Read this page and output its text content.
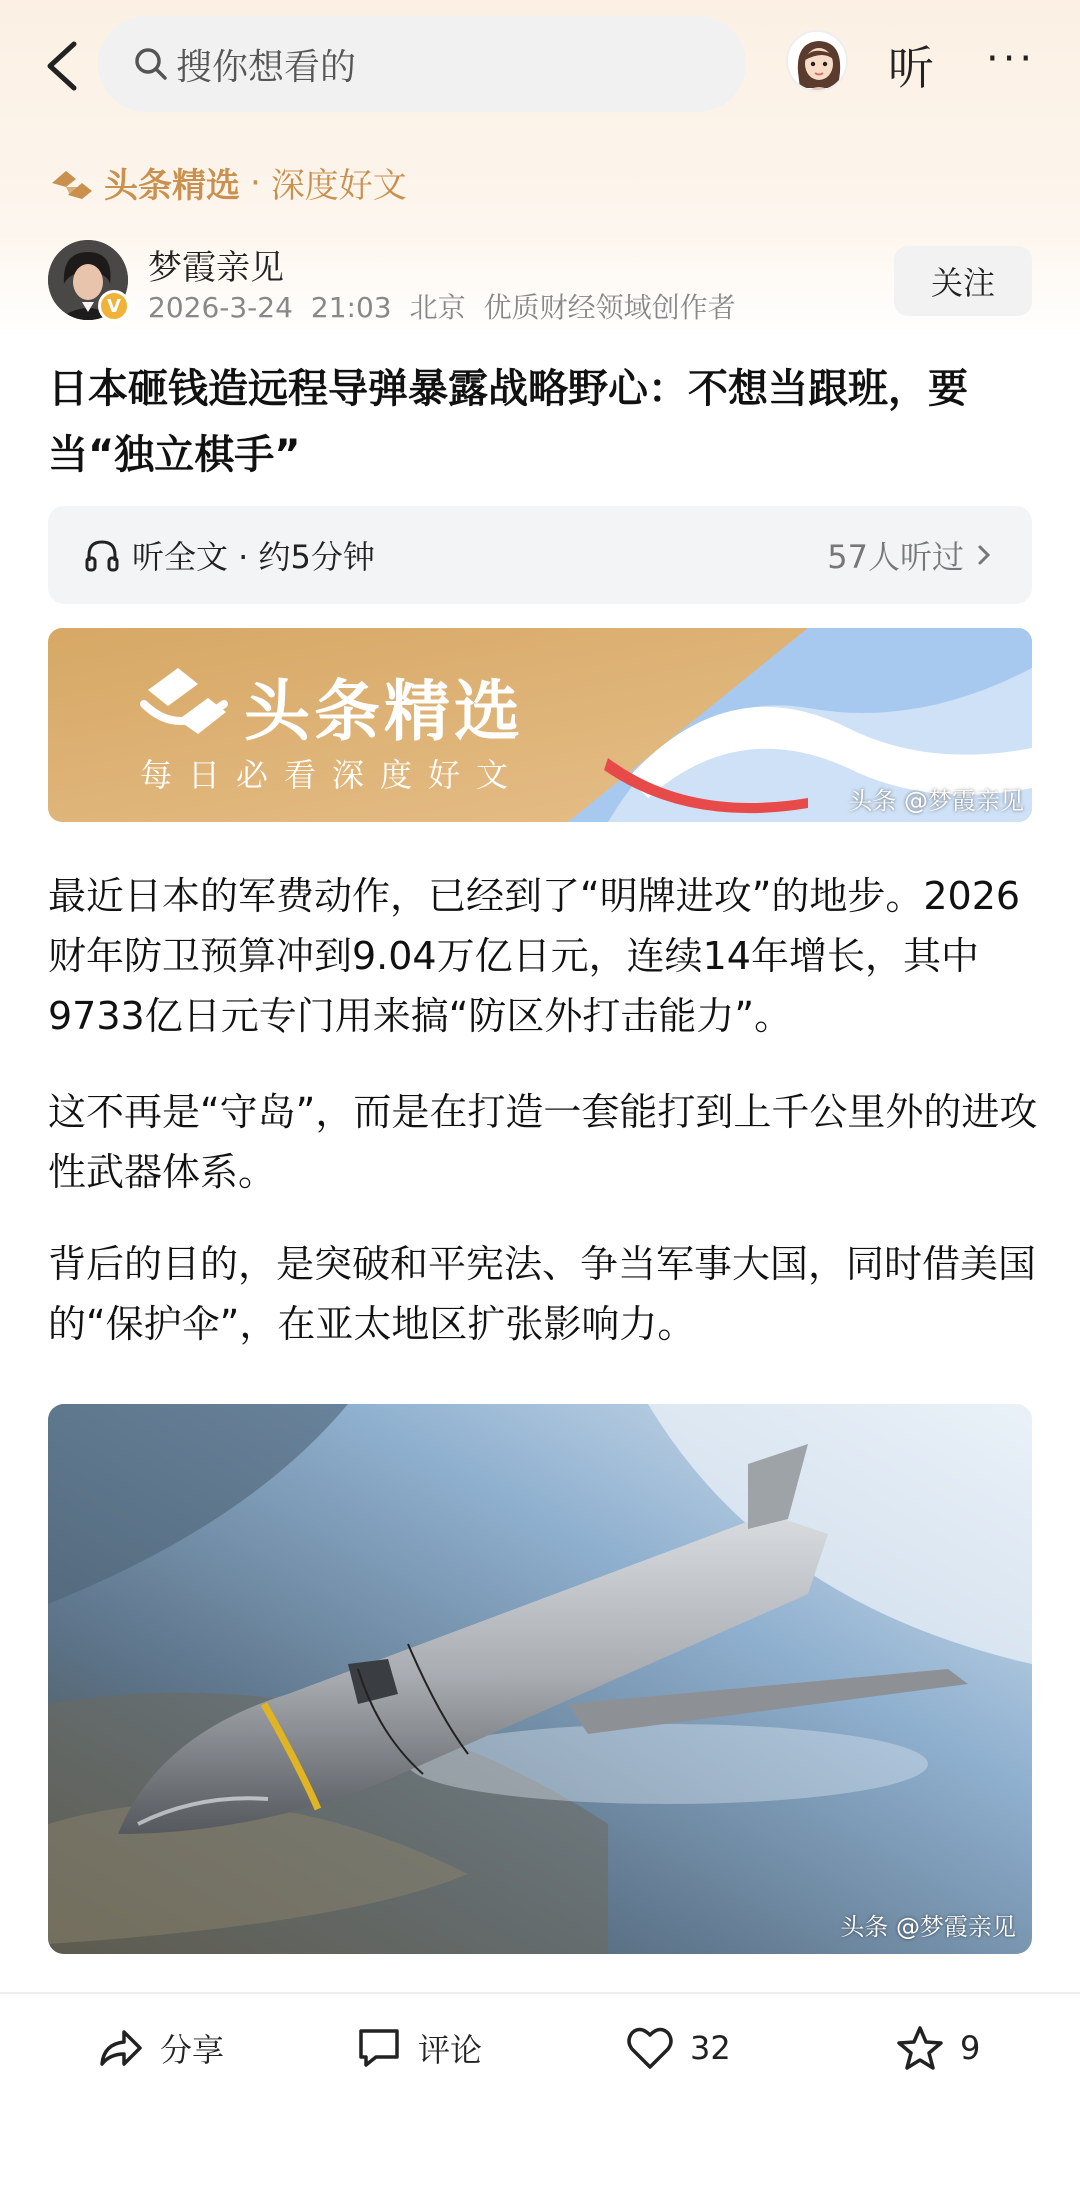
搜你想看的	听 ···
头条精选 · 深度好文
V
梦霞亲见
2026-3-24 21:03 北京 优质财经领域创作者
关注
日本砸钱造远程导弹暴露战略野心：不想当跟班，要当“独立棋手”
听全文 · 约5分钟	57人听过
头条精选
每日必看深度好文
头条 @梦霞亲见
最近日本的军费动作，已经到了“明牌进攻”的地步。2026财年防卫预算冲到9.04万亿日元，连续14年增长，其中9733亿日元专门用来搞“防区外打击能力”。
这不再是“守岛”，而是在打造一套能打到上千公里外的进攻性武器体系。
背后的目的，是突破和平宪法、争当军事大国，同时借美国的“保护伞”，在亚太地区扩张影响力。
头条 @梦霞亲见
分享	评论	32	9
